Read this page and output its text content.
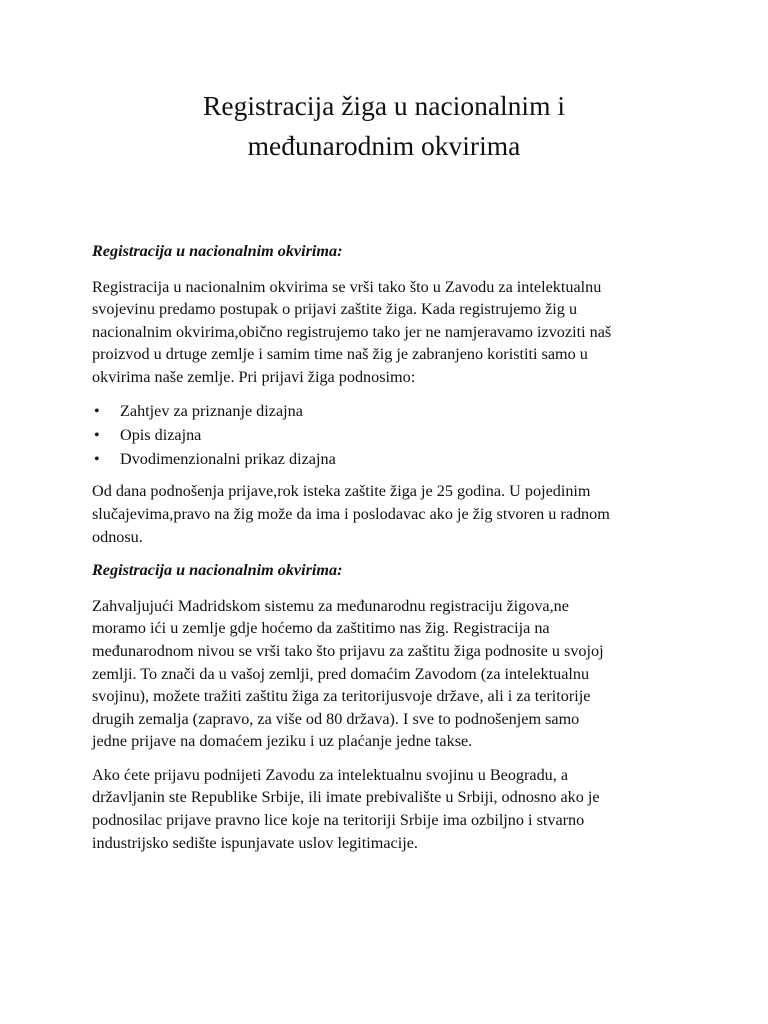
Registracija žiga u nacionalnim i
međunarodnim okvirima

Registracija u nacionalnim okvirima:

Registracija u nacionalnim okvirima se vrši tako što u Zavodu za intelektualnu
svojevinu predamo postupak o prijavi zaštite žiga. Kada registrujemo žig u
nacionalnim okvirima,obično registrujemo tako jer ne namjeravamo izvoziti naš
proizvod u drtuge zemlje i samim time naš žig je zabranjeno koristiti samo u
okvirima naše zemlje. Pri prijavi žiga podnosimo:

• Zahtjev za priznanje dizajna
• Opis dizajna
• Dvodimenzionalni prikaz dizajna

Od dana podnošenja prijave,rok isteka zaštite žiga je 25 godina. U pojedinim
slučajevima,pravo na žig može da ima i poslodavac ako je žig stvoren u radnom
odnosu.

Registracija u nacionalnim okvirima:

Zahvaljujući Madridskom sistemu za međunarodnu registraciju žigova,ne
moramo ići u zemlje gdje hoćemo da zaštitimo nas žig. Registracija na
međunarodnom nivou se vrši tako što prijavu za zaštitu žiga podnosite u svojoj
zemlji. To znači da u vašoj zemlji, pred domaćim Zavodom (za intelektualnu
svojinu), možete tražiti zaštitu žiga za teritorijusvoje države, ali i za teritorije
drugih zemalja (zapravo, za više od 80 država). I sve to podnošenjem samo
jedne prijave na domaćem jeziku i uz plaćanje jedne takse.

Ako ćete prijavu podnijeti Zavodu za intelektualnu svojinu u Beogradu, a
državljanin ste Republike Srbije, ili imate prebivalište u Srbiji, odnosno ako je
podnosilac prijave pravno lice koje na teritoriji Srbije ima ozbiljno i stvarno
industrijsko sedište ispunjavate uslov legitimacije.
